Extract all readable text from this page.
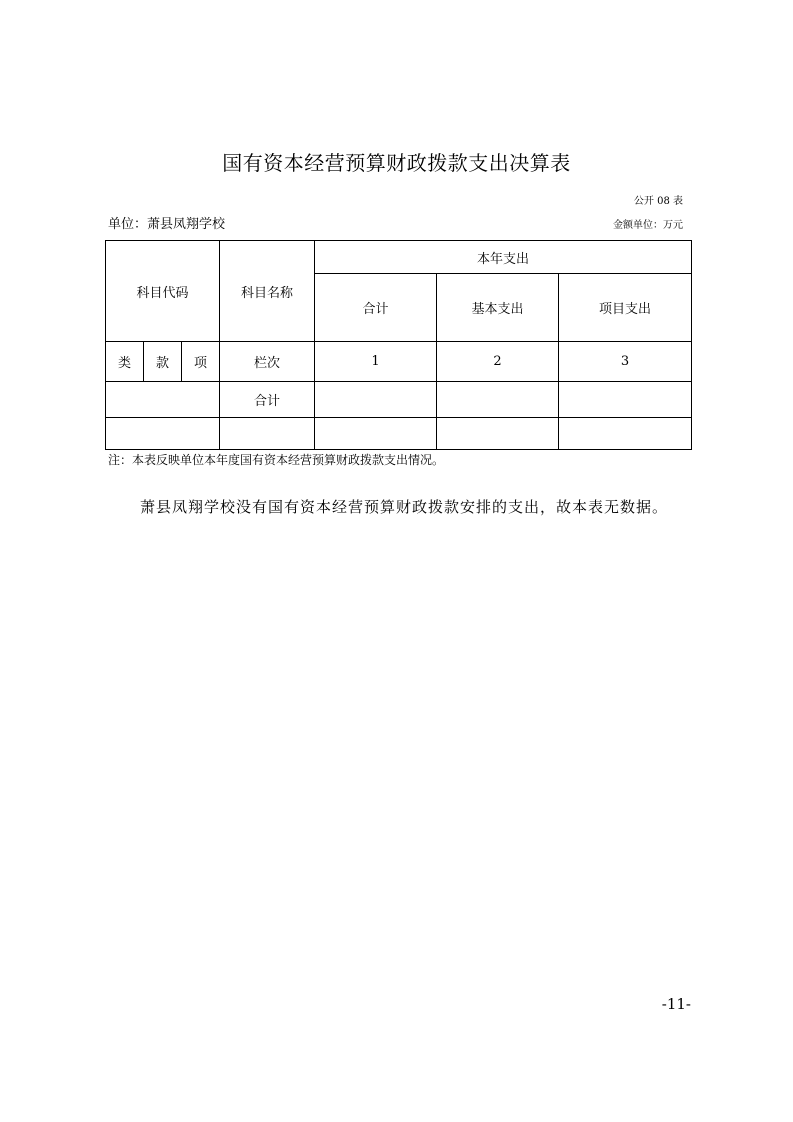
国有资本经营预算财政拨款支出决算表
公开 08 表
单位：萧县凤翔学校	金额单位：万元
科目代码			科目名称	本年支出		
				合计	基本支出	项目支出
类	款	项	栏次	1	2	3
			合计			

注：本表反映单位本年度国有资本经营预算财政拨款支出情况。
萧县凤翔学校没有国有资本经营预算财政拨款安排的支出，故本表无数据。
-11-
